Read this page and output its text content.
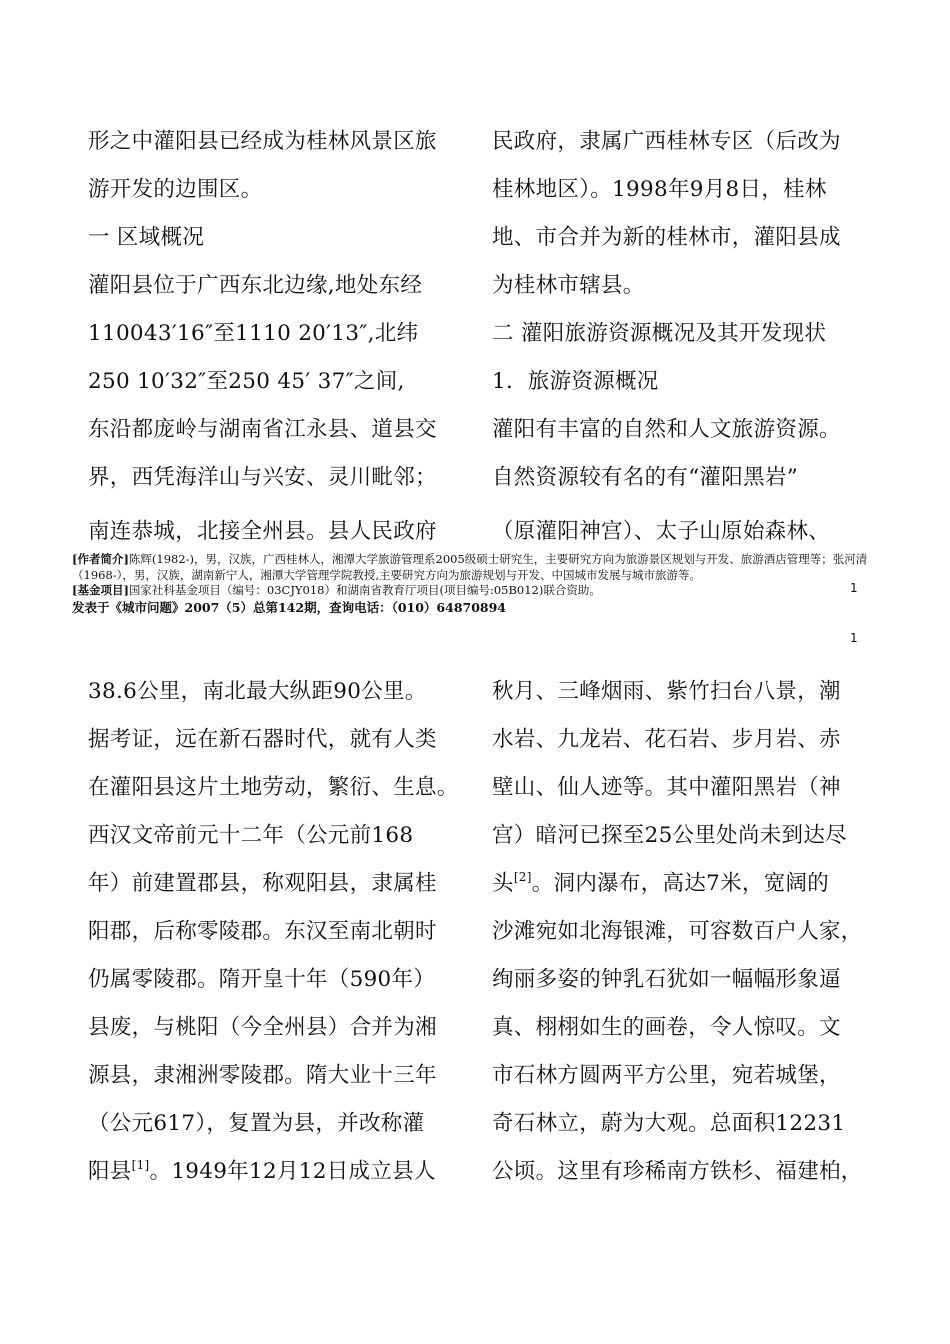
形之中灌阳县已经成为桂林风景区旅
游开发的边围区。
一 区域概况
灌阳县位于广西东北边缘,地处东经
110043′16″至1110 20′13″,北纬
250 10′32″至250 45′ 37″之间,
东沿都庞岭与湖南省江永县、道县交
界，西凭海洋山与兴安、灵川毗邻；
南连恭城，北接全州县。县人民政府
民政府，隶属广西桂林专区（后改为
桂林地区）。1998年9月8日，桂林
地、市合并为新的桂林市，灌阳县成
为桂林市辖县。
二 灌阳旅游资源概况及其开发现状
1．旅游资源概况
灌阳有丰富的自然和人文旅游资源。
自然资源较有名的有“灌阳黑岩”
（原灌阳神宫）、太子山原始森林、

[作者简介]陈辉(1982-)，男，汉族，广西桂林人，湘潭大学旅游管理系2005级硕士研究生，主要研究方向为旅游景区规划与开发、旅游酒店管理等；张河清（1968-），男，汉族，湖南新宁人，湘潭大学管理学院教授,主要研究方向为旅游规划与开发、中国城市发展与城市旅游等。

[基金项目]国家社科基金项目（编号：03CJY018）和湖南省教育厅项目(项目编号:05B012)联合资助。

发表于《城市问题》2007（5）总第142期，查询电话：（010）64870894

1
1
38.6公里，南北最大纵距90公里。
据考证，远在新石器时代，就有人类
在灌阳县这片土地劳动，繁衍、生息。
西汉文帝前元十二年（公元前168
年）前建置郡县，称观阳县，隶属桂
阳郡，后称零陵郡。东汉至南北朝时
仍属零陵郡。隋开皇十年（590年）
县废，与桃阳（今全州县）合并为湘
源县，隶湘洲零陵郡。隋大业十三年
（公元617），复置为县，并改称灌
阳县[1]。1949年12月12日成立县人
秋月、三峰烟雨、紫竹扫台八景，潮
水岩、九龙岩、花石岩、步月岩、赤
壁山、仙人迹等。其中灌阳黑岩（神
宫）暗河已探至25公里处尚未到达尽
头[2]。洞内瀑布，高达7米，宽阔的
沙滩宛如北海银滩，可容数百户人家，
绚丽多姿的钟乳石犹如一幅幅形象逼
真、栩栩如生的画卷，令人惊叹。文
市石林方圆两平方公里，宛若城堡，
奇石林立，蔚为大观。总面积12231
公顷。这里有珍稀南方铁杉、福建柏，
